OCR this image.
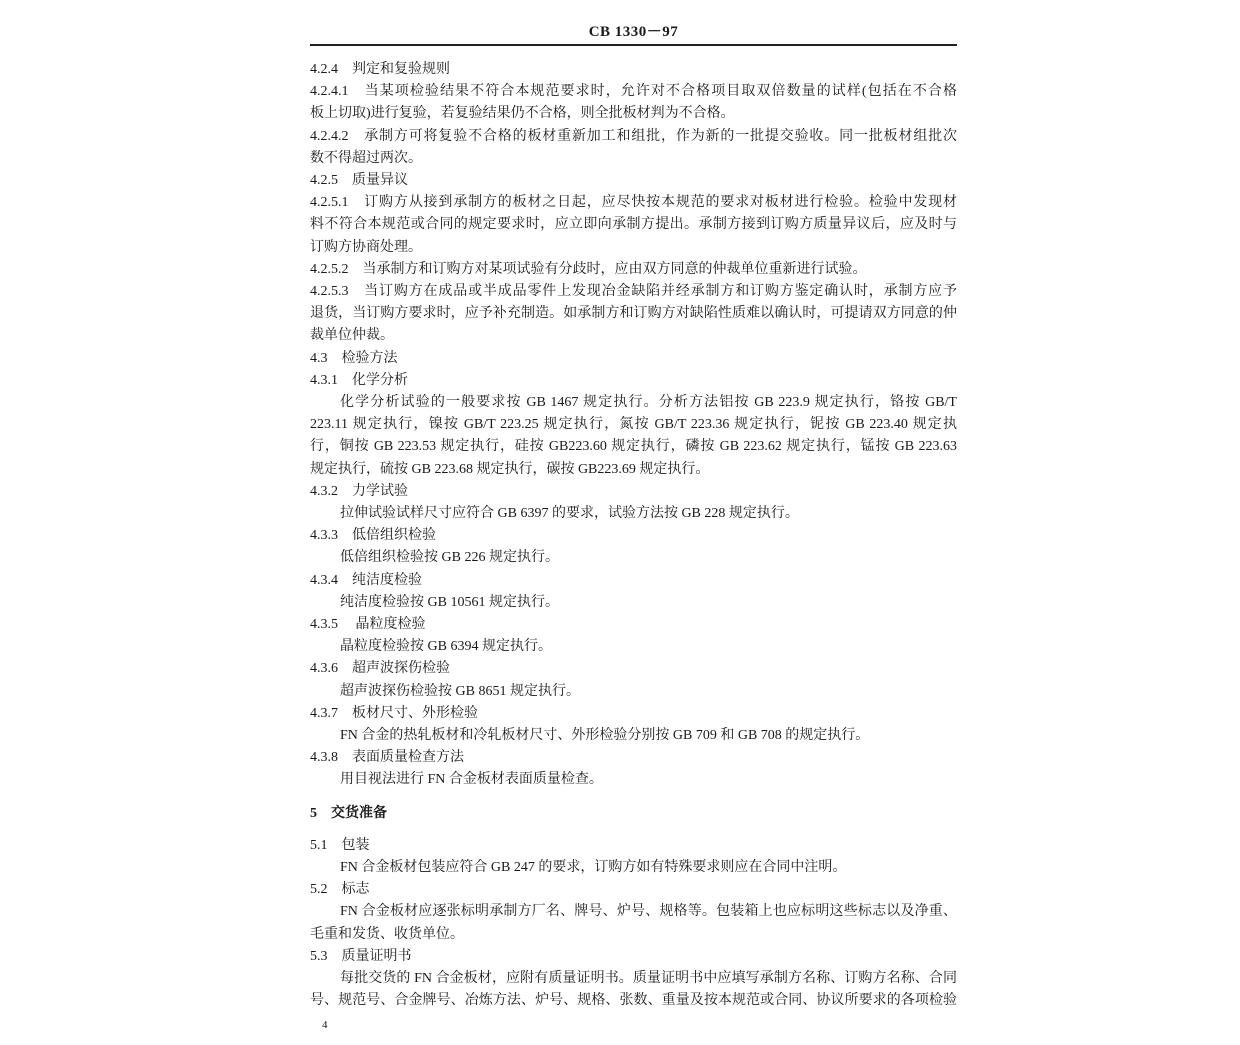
CB 1330－97
4.2.4　判定和复验规则
4.2.4.1　当某项检验结果不符合本规范要求时，允许对不合格项目取双倍数量的试样(包括在不合格
板上切取)进行复验，若复验结果仍不合格，则全批板材判为不合格。
4.2.4.2　承制方可将复验不合格的板材重新加工和组批，作为新的一批提交验收。同一批板材组批次
数不得超过两次。
4.2.5　质量异议
4.2.5.1　订购方从接到承制方的板材之日起，应尽快按本规范的要求对板材进行检验。检验中发现材
料不符合本规范或合同的规定要求时，应立即向承制方提出。承制方接到订购方质量异议后，应及时与
订购方协商处理。
4.2.5.2　当承制方和订购方对某项试验有分歧时，应由双方同意的仲裁单位重新进行试验。
4.2.5.3　当订购方在成品或半成品零件上发现冶金缺陷并经承制方和订购方鉴定确认时，承制方应予
退货，当订购方要求时，应予补充制造。如承制方和订购方对缺陷性质难以确认时，可提请双方同意的仲
裁单位仲裁。
4.3　检验方法
4.3.1　化学分析
化学分析试验的一般要求按 GB 1467 规定执行。分析方法铝按 GB 223.9 规定执行，铬按 GB/T
223.11 规定执行，镍按 GB/T 223.25 规定执行，氮按 GB/T 223.36 规定执行，铌按 GB 223.40 规定执
行，铜按 GB 223.53 规定执行，硅按 GB223.60 规定执行，磷按 GB 223.62 规定执行，锰按 GB 223.63
规定执行，硫按 GB 223.68 规定执行，碳按 GB223.69 规定执行。
4.3.2　力学试验
拉伸试验试样尺寸应符合 GB 6397 的要求，试验方法按 GB 228 规定执行。
4.3.3　低倍组织检验
低倍组织检验按 GB 226 规定执行。
4.3.4　纯洁度检验
纯洁度检验按 GB 10561 规定执行。
4.3.5　 晶粒度检验
晶粒度检验按 GB 6394 规定执行。
4.3.6　超声波探伤检验
超声波探伤检验按 GB 8651 规定执行。
4.3.7　板材尺寸、外形检验
FN 合金的热轧板材和冷轧板材尺寸、外形检验分别按 GB 709 和 GB 708 的规定执行。
4.3.8　表面质量检查方法
用目视法进行 FN 合金板材表面质量检查。
5　交货准备
5.1　包装
FN 合金板材包装应符合 GB 247 的要求，订购方如有特殊要求则应在合同中注明。
5.2　标志
FN 合金板材应逐张标明承制方厂名、牌号、炉号、规格等。包装箱上也应标明这些标志以及净重、
毛重和发货、收货单位。
5.3　质量证明书
每批交货的 FN 合金板材，应附有质量证明书。质量证明书中应填写承制方名称、订购方名称、合同
号、规范号、合金牌号、冶炼方法、炉号、规格、张数、重量及按本规范或合同、协议所要求的各项检验
4
